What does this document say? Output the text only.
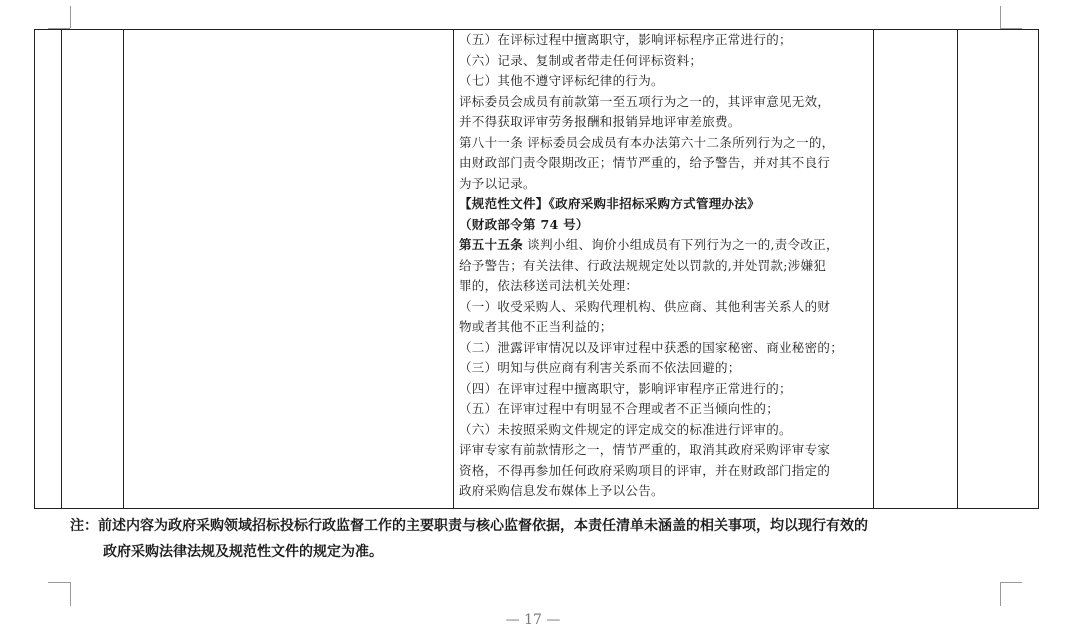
（五）在评标过程中擅离职守，影响评标程序正常进行的；
（六）记录、复制或者带走任何评标资料；
（七）其他不遵守评标纪律的行为。
评标委员会成员有前款第一至五项行为之一的，其评审意见无效，
并不得获取评审劳务报酬和报销异地评审差旅费。
第八十一条 评标委员会成员有本办法第六十二条所列行为之一的，
由财政部门责令限期改正；情节严重的，给予警告，并对其不良行
为予以记录。
【规范性文件】《政府采购非招标采购方式管理办法》
（财政部令第 74 号）
第五十五条 谈判小组、询价小组成员有下列行为之一的,责令改正，
给予警告；有关法律、行政法规规定处以罚款的,并处罚款;涉嫌犯
罪的，依法移送司法机关处理：
（一）收受采购人、采购代理机构、供应商、其他利害关系人的财
物或者其他不正当利益的；
（二）泄露评审情况以及评审过程中获悉的国家秘密、商业秘密的；
（三）明知与供应商有利害关系而不依法回避的；
（四）在评审过程中擅离职守，影响评审程序正常进行的；
（五）在评审过程中有明显不合理或者不正当倾向性的；
（六）未按照采购文件规定的评定成交的标准进行评审的。
评审专家有前款情形之一，情节严重的，取消其政府采购评审专家
资格，不得再参加任何政府采购项目的评审，并在财政部门指定的
政府采购信息发布媒体上予以公告。
注：前述内容为政府采购领域招标投标行政监督工作的主要职责与核心监督依据，本责任清单未涵盖的相关事项，均以现行有效的
政府采购法律法规及规范性文件的规定为准。
— 17 —
